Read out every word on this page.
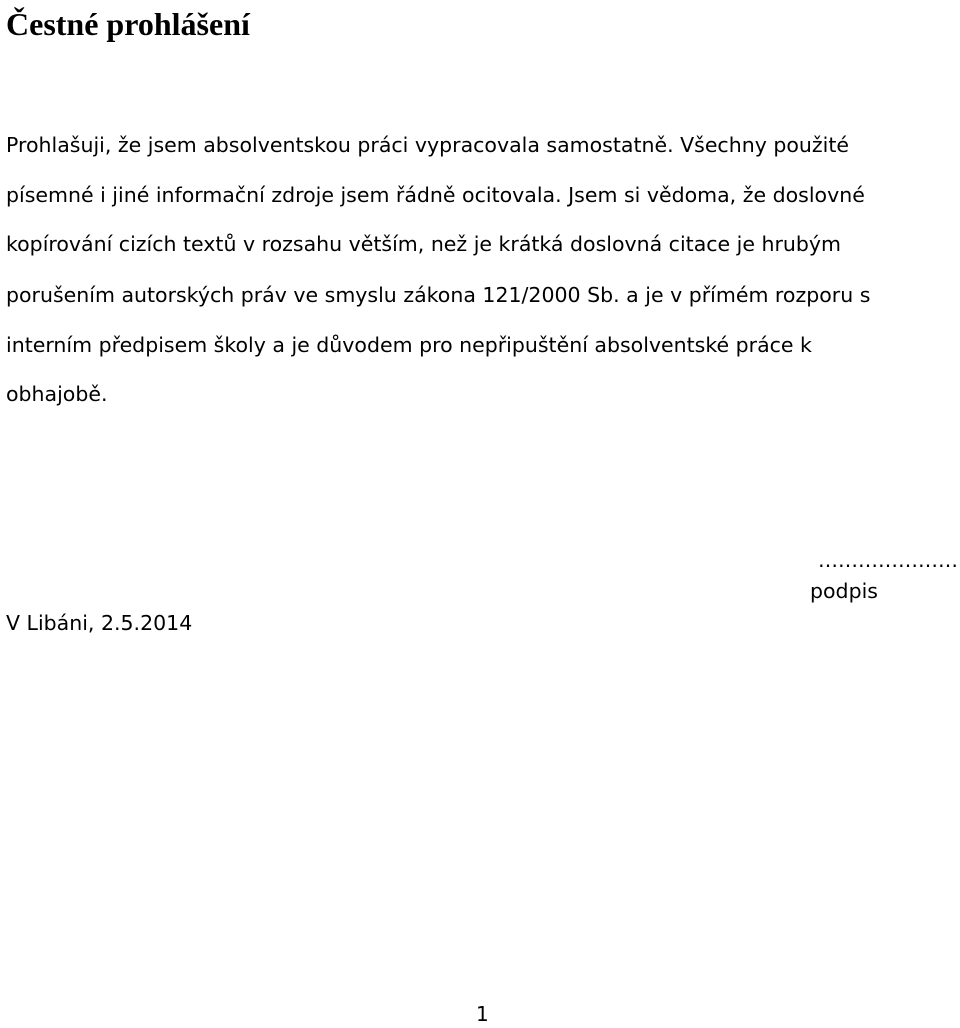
Čestné prohlášení

Prohlašuji, že jsem absolventskou práci vypracovala samostatně. Všechny použité

písemné i jiné informační zdroje jsem řádně ocitovala. Jsem si vědoma, že doslovné

kopírování cizích textů v rozsahu větším, než je krátká doslovná citace je hrubým

porušením autorských práv ve smyslu zákona 121/2000 Sb. a je v přímém rozporu s

interním předpisem školy a je důvodem pro nepřipuštění absolventské práce k

obhajobě.

…………………
podpis
V Libáni, 2.5.2014
1
